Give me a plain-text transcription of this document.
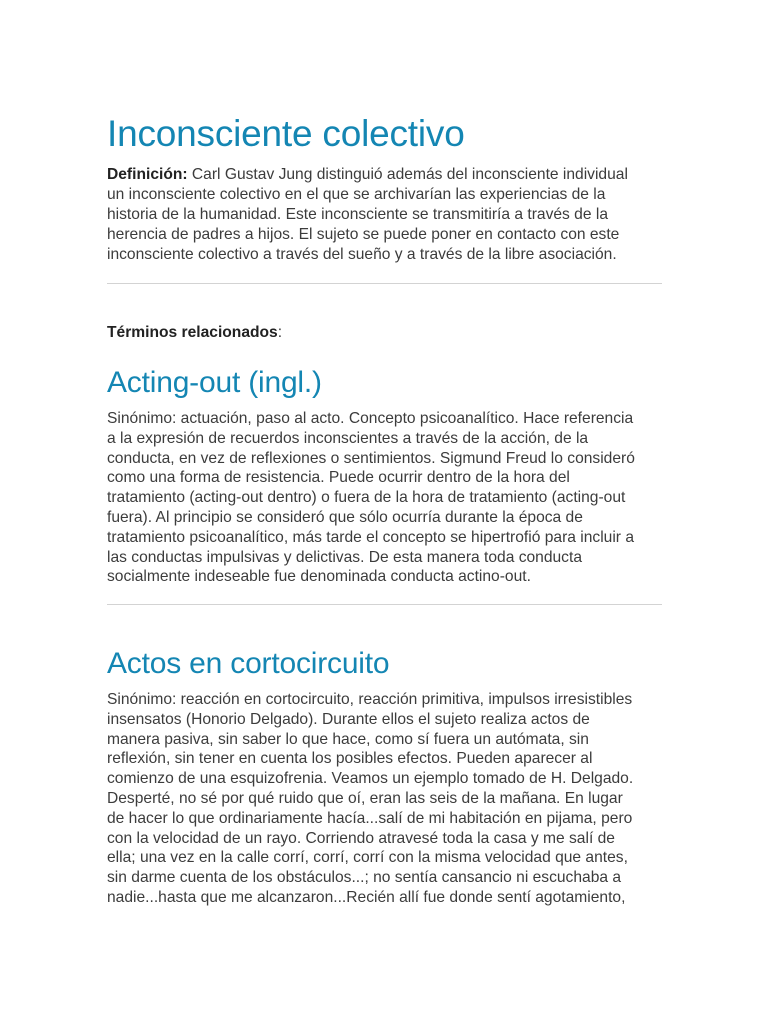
Inconsciente colectivo
Definición: Carl Gustav Jung distinguió además del inconsciente individual
un inconsciente colectivo en el que se archivarían las experiencias de la
historia de la humanidad. Este inconsciente se transmitiría a través de la
herencia de padres a hijos. El sujeto se puede poner en contacto con este
inconsciente colectivo a través del sueño y a través de la libre asociación.
Términos relacionados:
Acting-out (ingl.)
Sinónimo: actuación, paso al acto. Concepto psicoanalítico. Hace referencia
a la expresión de recuerdos inconscientes a través de la acción, de la
conducta, en vez de reflexiones o sentimientos. Sigmund Freud lo consideró
como una forma de resistencia. Puede ocurrir dentro de la hora del
tratamiento (acting-out dentro) o fuera de la hora de tratamiento (acting-out
fuera). Al principio se consideró que sólo ocurría durante la época de
tratamiento psicoanalítico, más tarde el concepto se hipertrofió para incluir a
las conductas impulsivas y delictivas. De esta manera toda conducta
socialmente indeseable fue denominada conducta actino-out.
Actos en cortocircuito
Sinónimo: reacción en cortocircuito, reacción primitiva, impulsos irresistibles
insensatos (Honorio Delgado). Durante ellos el sujeto realiza actos de
manera pasiva, sin saber lo que hace, como sí fuera un autómata, sin
reflexión, sin tener en cuenta los posibles efectos. Pueden aparecer al
comienzo de una esquizofrenia. Veamos un ejemplo tomado de H. Delgado.
Desperté, no sé por qué ruido que oí, eran las seis de la mañana. En lugar
de hacer lo que ordinariamente hacía...salí de mi habitación en pijama, pero
con la velocidad de un rayo. Corriendo atravesé toda la casa y me salí de
ella; una vez en la calle corrí, corrí, corrí con la misma velocidad que antes,
sin darme cuenta de los obstáculos...; no sentía cansancio ni escuchaba a
nadie...hasta que me alcanzaron...Recién allí fue donde sentí agotamiento,
